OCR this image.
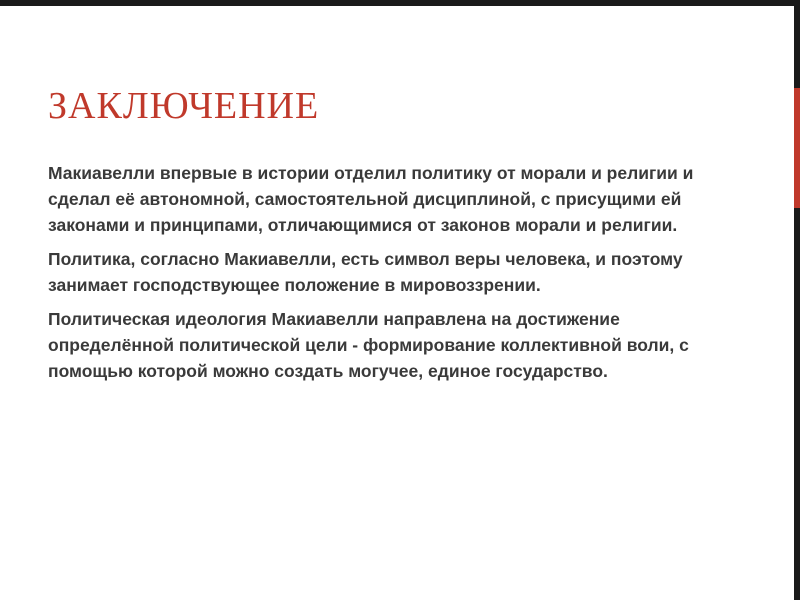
ЗАКЛЮЧЕНИЕ

Макиавелли впервые в истории отделил политику от морали и религии и сделал её автономной, самостоятельной дисциплиной, с присущими ей законами и принципами, отличающимися от законов морали и религии.

Политика, согласно Макиавелли, есть символ веры человека, и поэтому занимает господствующее положение в мировоззрении.

Политическая идеология Макиавелли направлена на достижение определённой политической цели - формирование коллективной воли, с помощью которой можно создать могучее, единое государство.
